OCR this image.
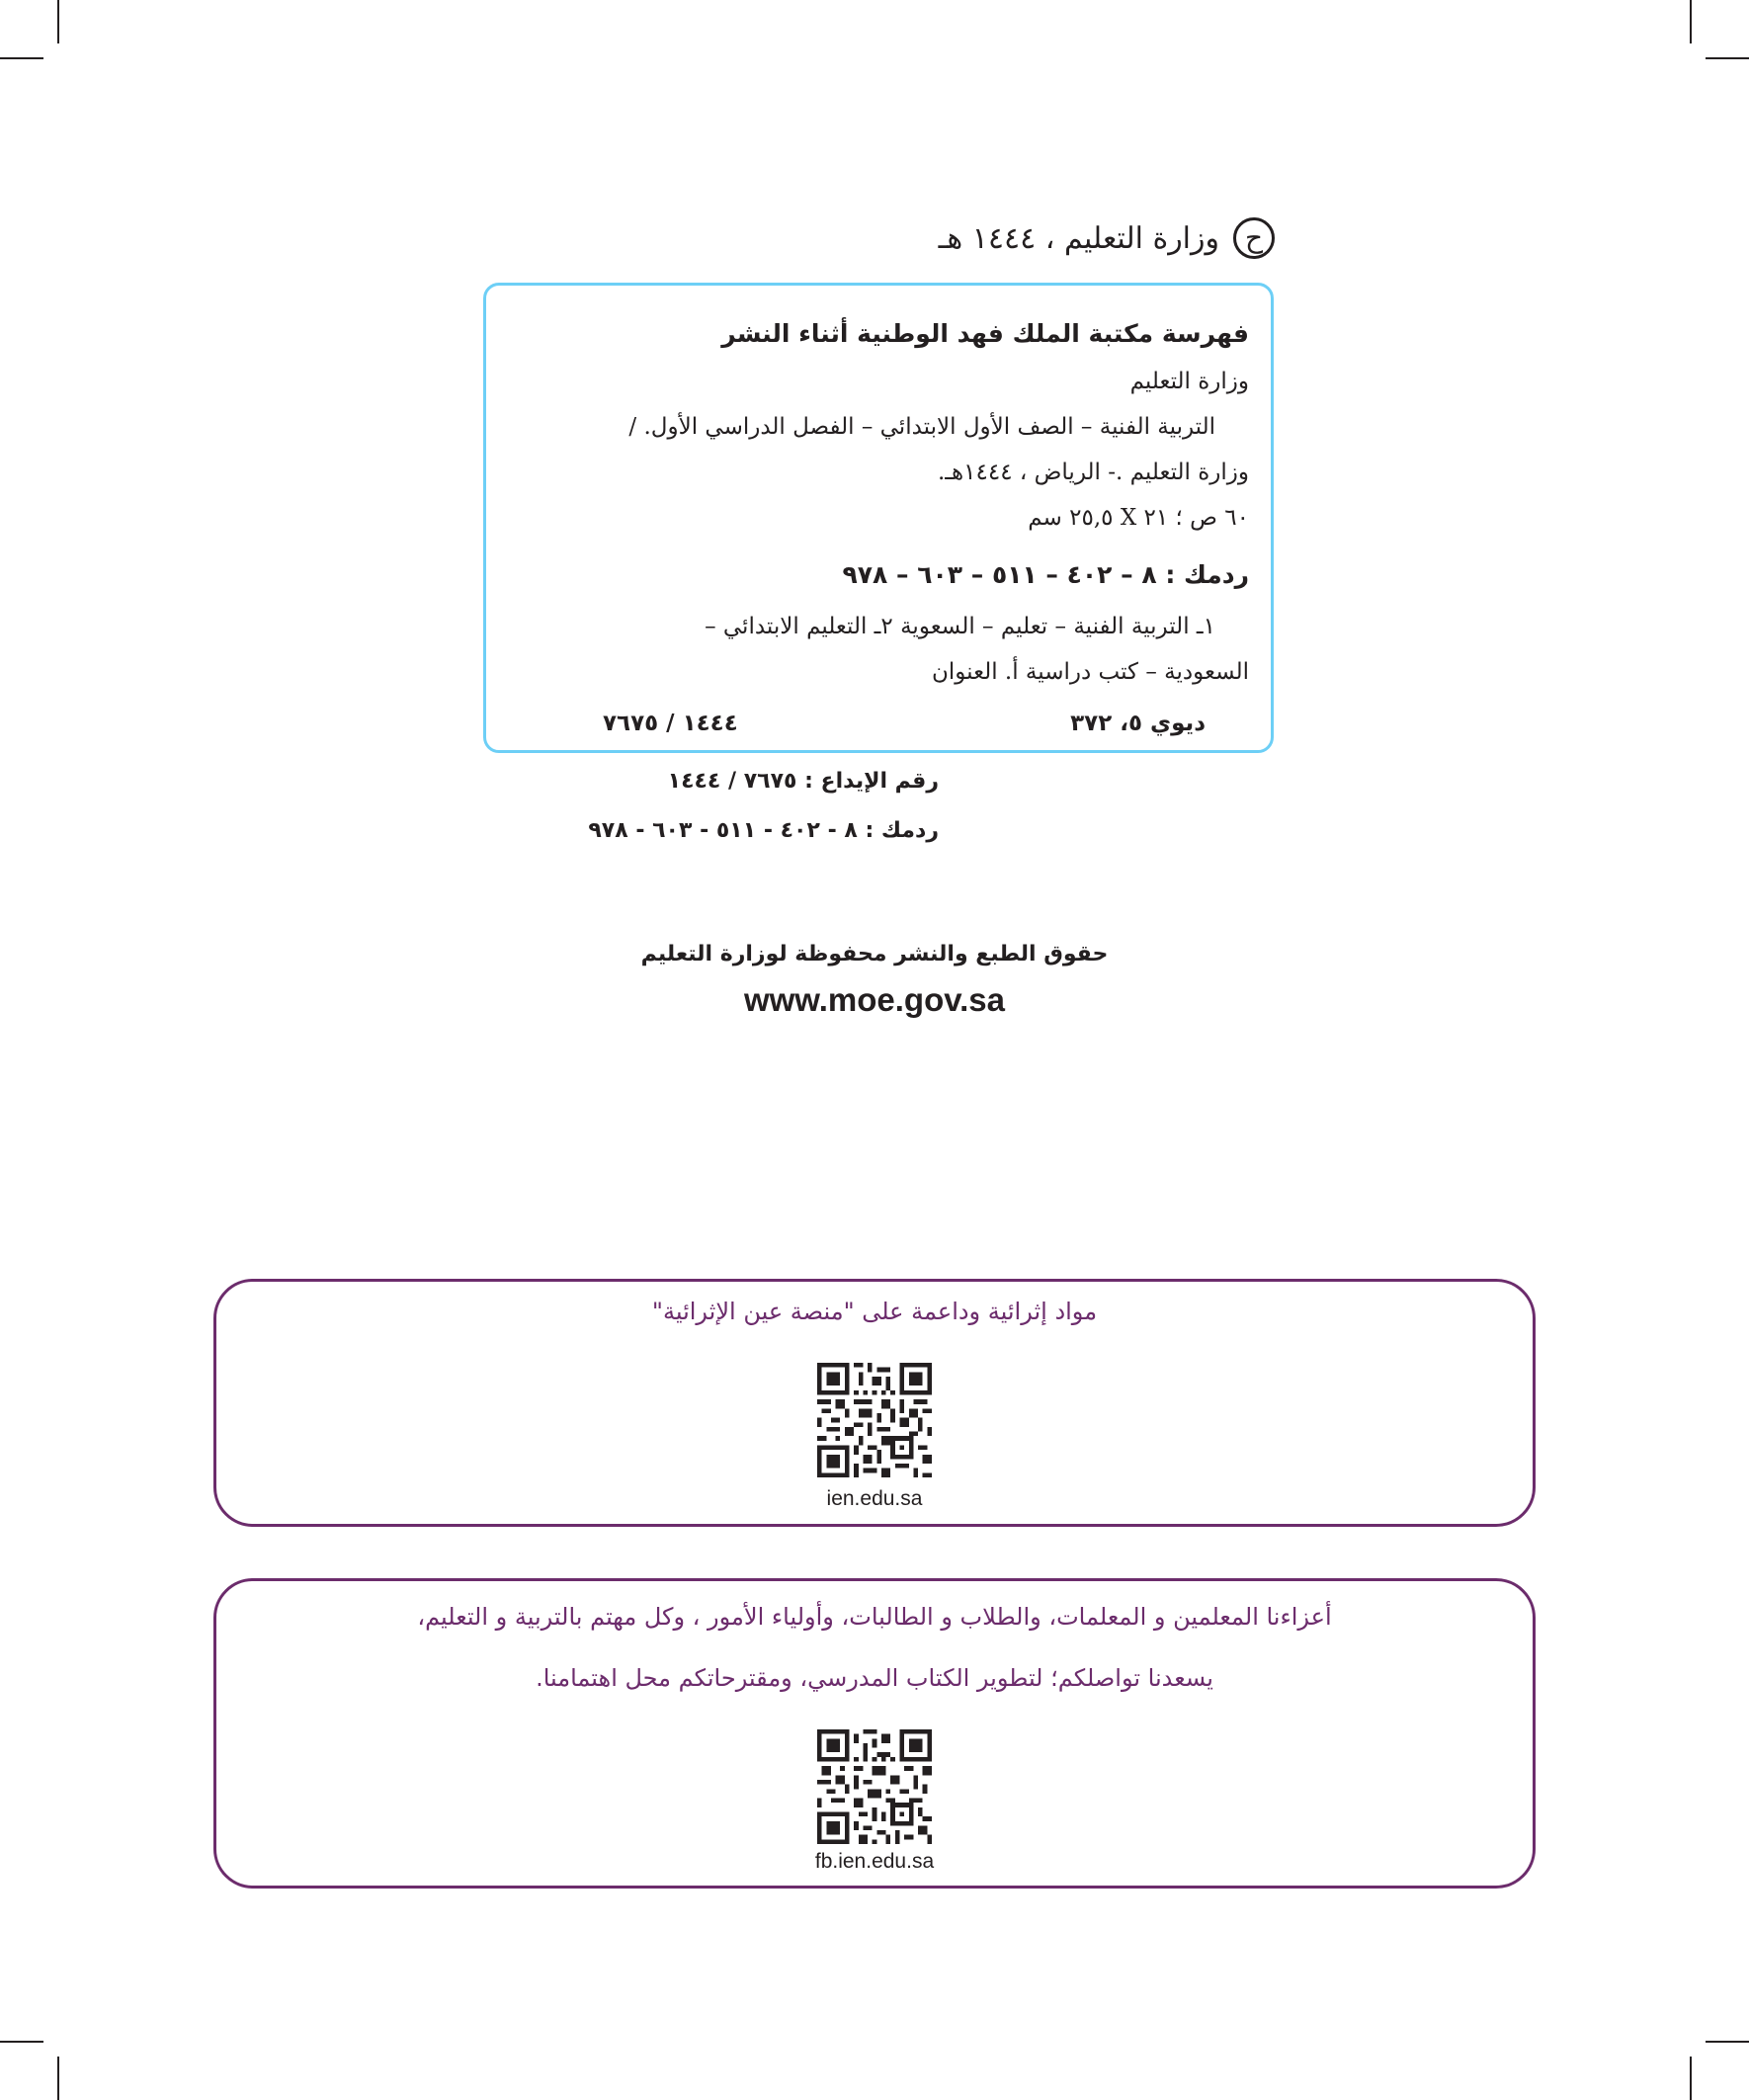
ح
وزارة التعليم ، ١٤٤٤ هـ
فهرسة مكتبة الملك فهد الوطنية أثناء النشر
وزارة التعليم
التربية الفنية – الصف الأول الابتدائي – الفصل الدراسي الأول. /
وزارة التعليم .- الرياض ، ١٤٤٤هـ.
٦٠ ص ؛ ٢١ X ٢٥,٥ سم
ردمك : ٨ – ٤٠٢ – ٥١١ – ٦٠٣ – ٩٧٨
١ـ التربية الفنية – تعليم – السعوية ٢ـ التعليم الابتدائي –
السعودية – كتب دراسية أ. العنوان
ديوي ٥، ٣٧٢
١٤٤٤ / ٧٦٧٥
رقم الإيداع : ٧٦٧٥ / ١٤٤٤
ردمك : ٨ - ٤٠٢ - ٥١١ - ٦٠٣ - ٩٧٨
حقوق الطبع والنشر محفوظة لوزارة التعليم
www.moe.gov.sa
مواد إثرائية وداعمة على "منصة عين الإثرائية"
ien.edu.sa
أعزاءنا المعلمين و المعلمات، والطلاب و الطالبات، وأولياء الأمور ، وكل مهتم بالتربية و التعليم،
يسعدنا تواصلكم؛ لتطوير الكتاب المدرسي، ومقترحاتكم محل اهتمامنا.
fb.ien.edu.sa
